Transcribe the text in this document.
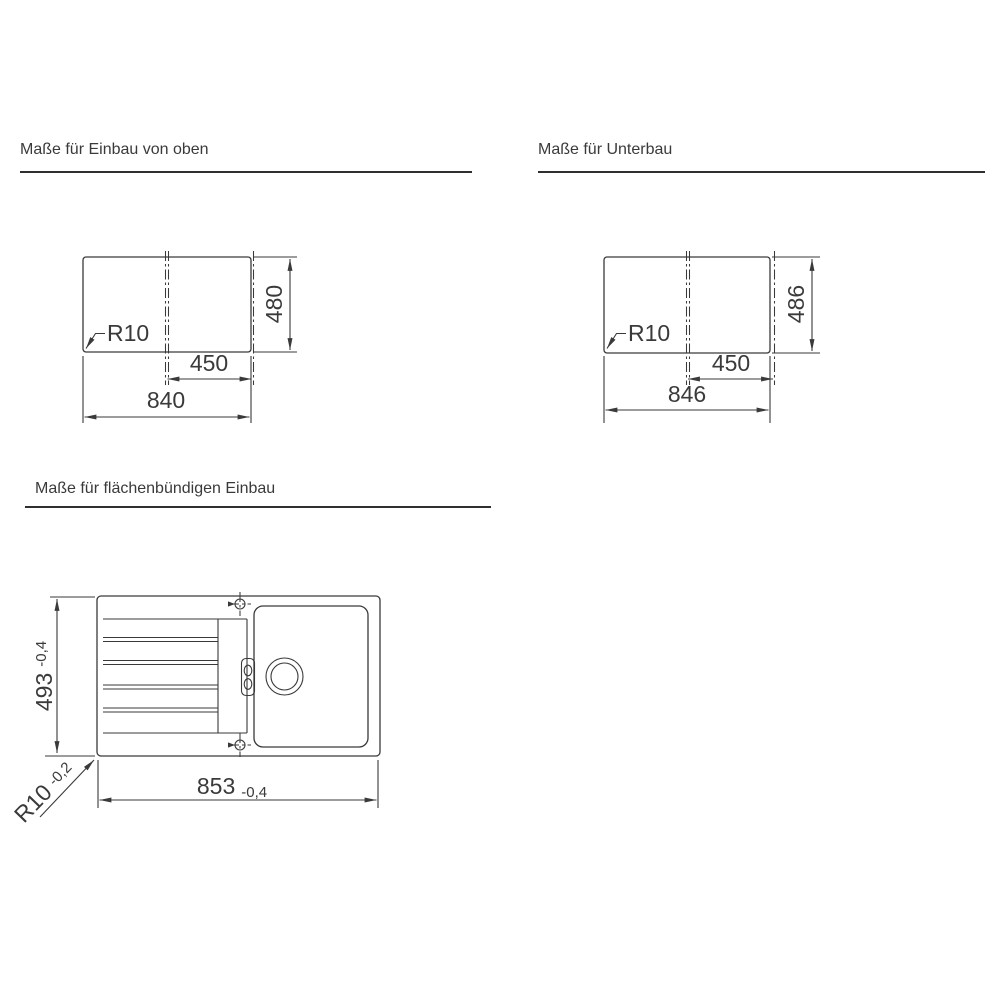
Maße für Einbau von oben	Maße für Unterbau
Maße für flächenbündigen Einbau
480
450
840
R10
486
450
846
R10
493-0,4
853 -0,4
R10-0,2
